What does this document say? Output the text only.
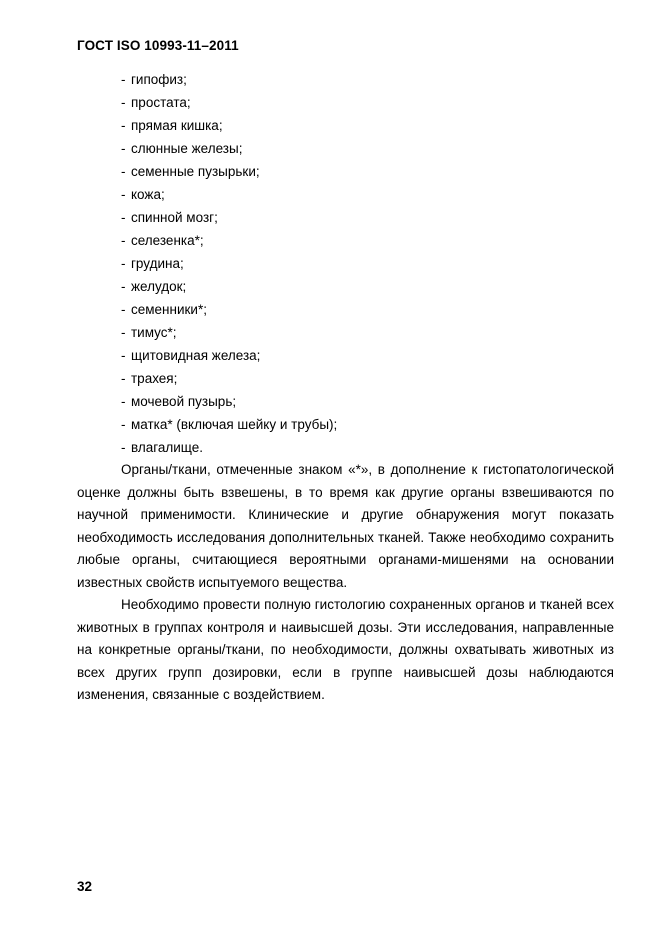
ГОСТ ISO 10993-11–2011
- гипофиз;
- простата;
- прямая кишка;
- слюнные железы;
- семенные пузырьки;
- кожа;
- спинной мозг;
- селезенка*;
- грудина;
- желудок;
- семенники*;
- тимус*;
- щитовидная железа;
- трахея;
- мочевой пузырь;
- матка* (включая шейку и трубы);
- влагалище.

Органы/ткани, отмеченные знаком «*», в дополнение к гистопатологической оценке должны быть взвешены, в то время как другие органы взвешиваются по научной применимости. Клинические и другие обнаружения могут показать необходимость исследования дополнительных тканей. Также необходимо сохранить любые органы, считающиеся вероятными органами-мишенями на основании известных свойств испытуемого вещества.

Необходимо провести полную гистологию сохраненных органов и тканей всех животных в группах контроля и наивысшей дозы. Эти исследования, направленные на конкретные органы/ткани, по необходимости, должны охватывать животных из всех других групп дозировки, если в группе наивысшей дозы наблюдаются изменения, связанные с воздействием.

32
